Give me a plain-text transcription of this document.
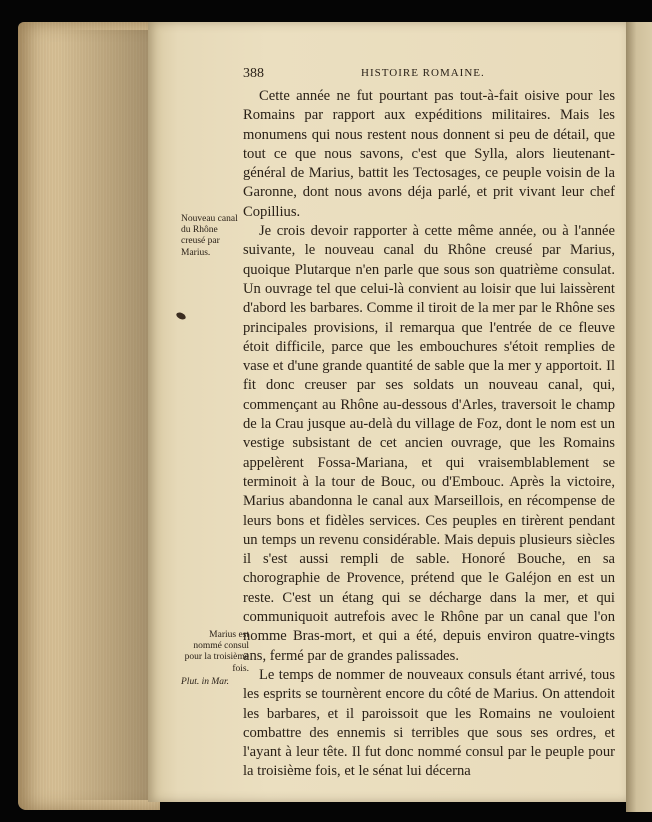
388	HISTOIRE ROMAINE.
Nouveau canal du Rhône creusé par Marius.
Marius est nommé consul pour la troisième fois.
Plut. in Mar.

Cette année ne fut pourtant pas tout-à-fait oisive pour les Romains par rapport aux expéditions militaires. Mais les monumens qui nous restent nous donnent si peu de détail, que tout ce que nous savons, c'est que Sylla, alors lieutenant-général de Marius, battit les Tectosages, ce peuple voisin de la Garonne, dont nous avons déja parlé, et prit vivant leur chef Copillius.

Je crois devoir rapporter à cette même année, ou à l'année suivante, le nouveau canal du Rhône creusé par Marius, quoique Plutarque n'en parle que sous son quatrième consulat. Un ouvrage tel que celui-là convient au loisir que lui laissèrent d'abord les barbares. Comme il tiroit de la mer par le Rhône ses principales provisions, il remarqua que l'entrée de ce fleuve étoit difficile, parce que les embouchures s'étoit remplies de vase et d'une grande quantité de sable que la mer y apportoit. Il fit donc creuser par ses soldats un nouveau canal, qui, commençant au Rhône au-dessous d'Arles, traversoit le champ de la Crau jusque au-delà du village de Foz, dont le nom est un vestige subsistant de cet ancien ouvrage, que les Romains appelèrent Fossa-Mariana, et qui vraisemblablement se terminoit à la tour de Bouc, ou d'Embouc. Après la victoire, Marius abandonna le canal aux Marseillois, en récompense de leurs bons et fidèles services. Ces peuples en tirèrent pendant un temps un revenu considérable. Mais depuis plusieurs siècles il s'est aussi rempli de sable. Honoré Bouche, en sa chorographie de Provence, prétend que le Galéjon en est un reste. C'est un étang qui se décharge dans la mer, et qui communiquoit autrefois avec le Rhône par un canal que l'on nomme Bras-mort, et qui a été, depuis environ quatre-vingts ans, fermé par de grandes palissades.

Le temps de nommer de nouveaux consuls étant arrivé, tous les esprits se tournèrent encore du côté de Marius. On attendoit les barbares, et il paroissoit que les Romains ne vouloient combattre des ennemis si terribles que sous ses ordres, et l'ayant à leur tête. Il fut donc nommé consul par le peuple pour la troisième fois, et le sénat lui décerna
